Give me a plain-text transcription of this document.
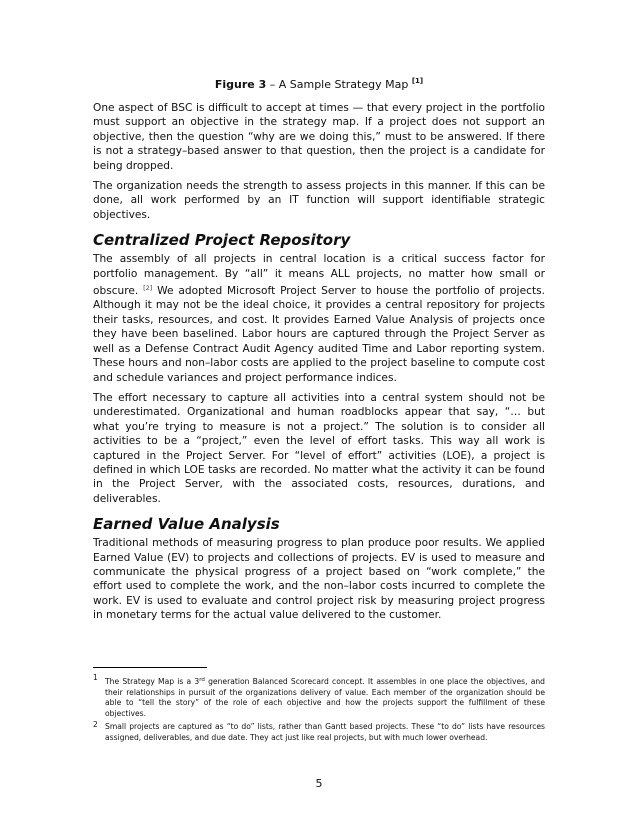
Figure 3 – A Sample Strategy Map [1]

One aspect of BSC is difficult to accept at times — that every project in the portfolio must support an objective in the strategy map. If a project does not support an objective, then the question “why are we doing this,” must to be answered. If there is not a strategy–based answer to that question, then the project is a candidate for being dropped.

The organization needs the strength to assess projects in this manner. If this can be done, all work performed by an IT function will support identifiable strategic objectives.

Centralized Project Repository

The assembly of all projects in central location is a critical success factor for portfolio management. By “all” it means ALL projects, no matter how small or obscure. [2] We adopted Microsoft Project Server to house the portfolio of projects. Although it may not be the ideal choice, it provides a central repository for projects their tasks, resources, and cost. It provides Earned Value Analysis of projects once they have been baselined. Labor hours are captured through the Project Server as well as a Defense Contract Audit Agency audited Time and Labor reporting system. These hours and non–labor costs are applied to the project baseline to compute cost and schedule variances and project performance indices.

The effort necessary to capture all activities into a central system should not be underestimated. Organizational and human roadblocks appear that say, “… but what you’re trying to measure is not a project.” The solution is to consider all activities to be a “project,” even the level of effort tasks. This way all work is captured in the Project Server. For “level of effort” activities (LOE), a project is defined in which LOE tasks are recorded. No matter what the activity it can be found in the Project Server, with the associated costs, resources, durations, and deliverables.

Earned Value Analysis

Traditional methods of measuring progress to plan produce poor results. We applied Earned Value (EV) to projects and collections of projects. EV is used to measure and communicate the physical progress of a project based on “work complete,” the effort used to complete the work, and the non–labor costs incurred to complete the work. EV is used to evaluate and control project risk by measuring project progress in monetary terms for the actual value delivered to the customer.

1 The Strategy Map is a 3rd generation Balanced Scorecard concept. It assembles in one place the objectives, and their relationships in pursuit of the organizations delivery of value. Each member of the organization should be able to “tell the story” of the role of each objective and how the projects support the fulfillment of these objectives.
2 Small projects are captured as “to do” lists, rather than Gantt based projects. These “to do” lists have resources assigned, deliverables, and due date. They act just like real projects, but with much lower overhead.
5
